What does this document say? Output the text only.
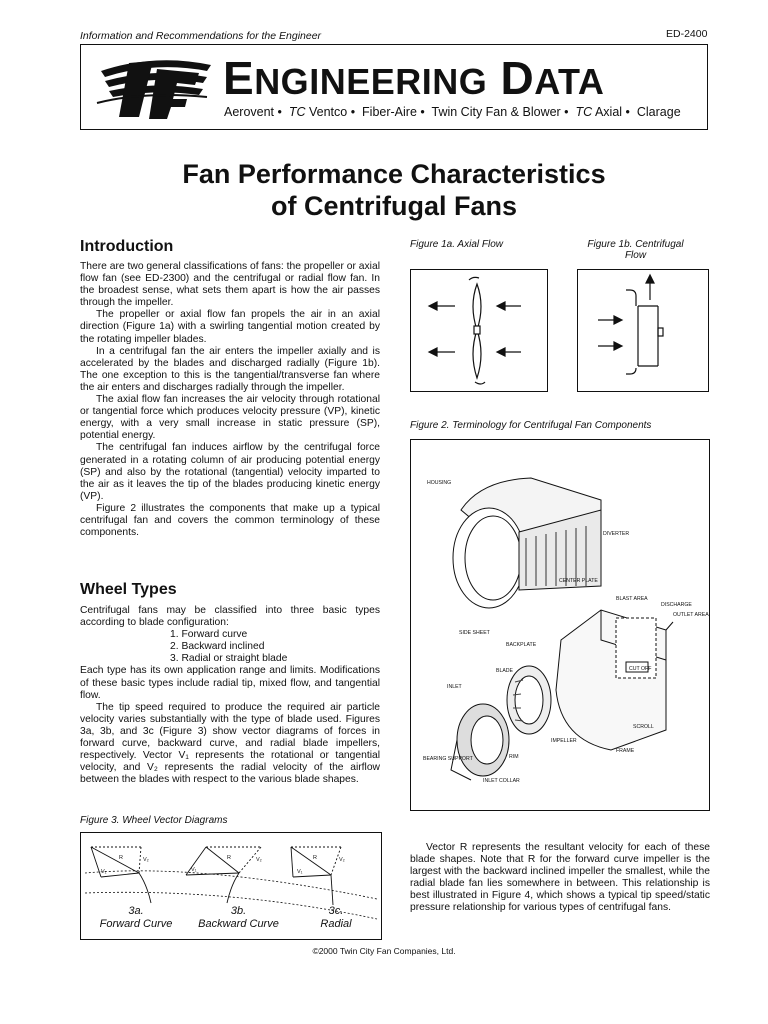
Information and Recommendations for the Engineer	ED-2400
ENGINEERING DATA
Aerovent • TC Ventco • Fiber-Aire • Twin City Fan & Blower • TC Axial • Clarage
Fan Performance Characteristics
of Centrifugal Fans
Introduction

There are two general classifications of fans: the propeller or axial flow fan (see ED-2300) and the centrifugal or radial flow fan. In the broadest sense, what sets them apart is how the air passes through the impeller.

The propeller or axial flow fan propels the air in an axial direction (Figure 1a) with a swirling tangential motion created by the rotating impeller blades.

In a centrifugal fan the air enters the impeller axially and is accelerated by the blades and discharged radially (Figure 1b). The one exception to this is the tangential/transverse fan where the air enters and discharges radially through the impeller.

The axial flow fan increases the air velocity through rotational or tangential force which produces velocity pressure (VP), kinetic energy, with a very small increase in static pressure (SP), potential energy.

The centrifugal fan induces airflow by the centrifugal force generated in a rotating column of air producing potential energy (SP) and also by the rotational (tangential) velocity imparted to the air as it leaves the tip of the blades producing kinetic energy (VP).

Figure 2 illustrates the components that make up a typical centrifugal fan and covers the common terminology of these components.

Wheel Types

Centrifugal fans may be classified into three basic types according to blade configuration:

1. Forward curve
2. Backward inclined
3. Radial or straight blade

Each type has its own application range and limits. Modifications of these basic types include radial tip, mixed flow, and tangential flow.

The tip speed required to produce the required air particle velocity varies substantially with the type of blade used. Figures 3a, 3b, and 3c (Figure 3) show vector diagrams of forces in forward curve, backward curve, and radial blade impellers, respectively. Vector V₁ represents the rotational or tangential velocity, and V₂ represents the radial velocity of the airflow between the blades with respect to the various blade shapes.

Figure 1a. Axial Flow	Figure 1b. Centrifugal
Flow
Figure 2. Terminology for Centrifugal Fan Components
HOUSING
DIVERTER
CENTER PLATE
BLAST AREA
DISCHARGE
OUTLET AREA
SIDE SHEET
BACKPLATE
BLADE
INLET
CUT OFF
SCROLL
IMPELLER
FRAME
RIM
BEARING SUPPORT
INLET COLLAR
Figure 3. Wheel Vector Diagrams
R	V₂
V₁
R	V₂
V₁
R	V₂
V₁
3a.
Forward Curve
3b.
Backward Curve
3c.
Radial

Vector R represents the resultant velocity for each of these blade shapes. Note that R for the forward curve impeller is the largest with the backward inclined impeller the smallest, while the radial blade fan lies somewhere in between. This relationship is best illustrated in Figure 4, which shows a typical tip speed/static pressure relationship for various types of centrifugal fans.

©2000 Twin City Fan Companies, Ltd.
